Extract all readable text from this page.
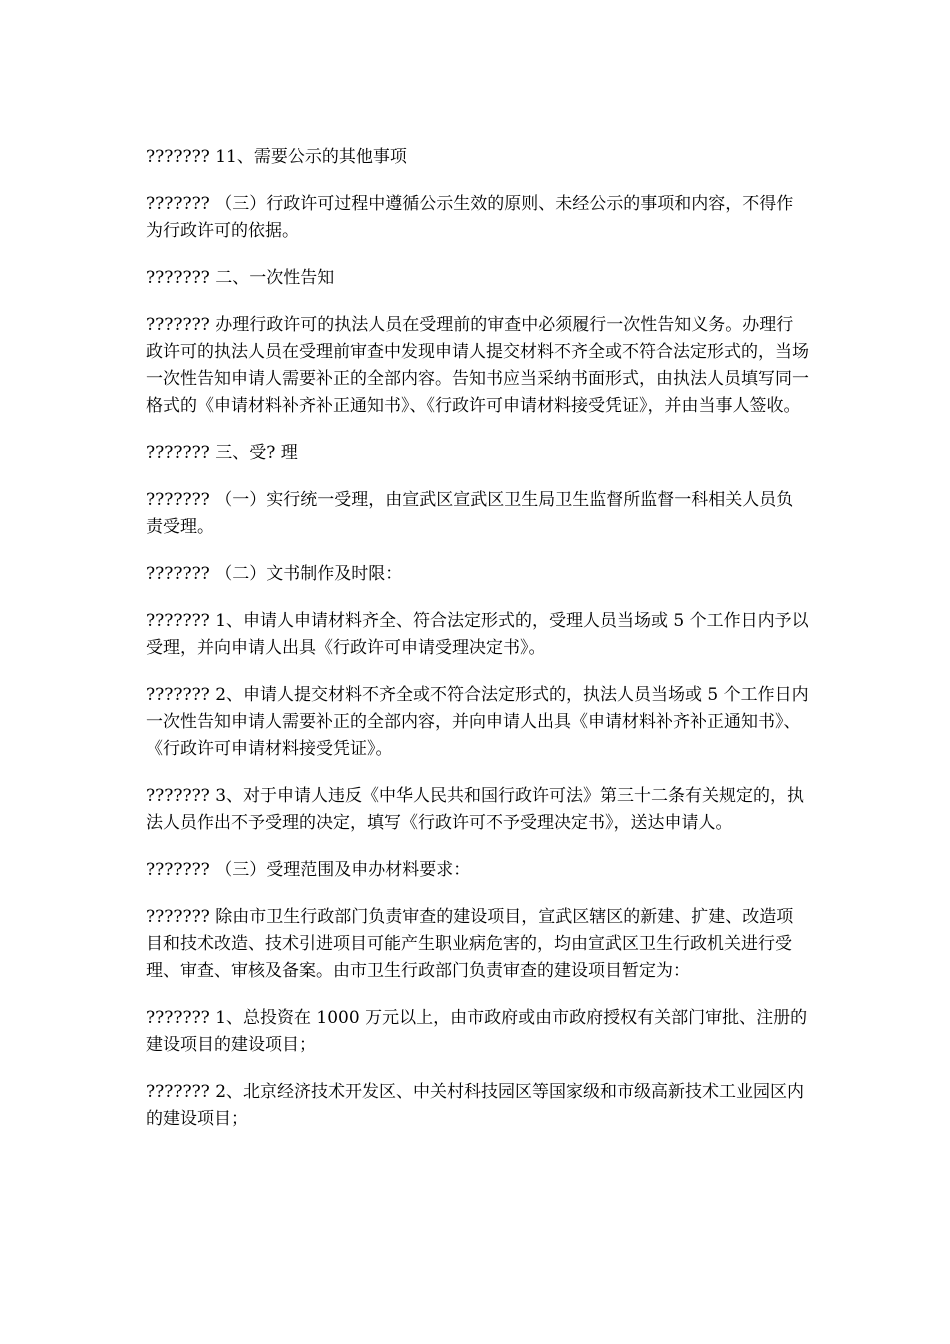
??????? 11、需要公示的其他事项

??????? （三）行政许可过程中遵循公示生效的原则、未经公示的事项和内容，不得作为行政许可的依据。

??????? 二、一次性告知

??????? 办理行政许可的执法人员在受理前的审查中必须履行一次性告知义务。办理行政许可的执法人员在受理前审查中发现申请人提交材料不齐全或不符合法定形式的，当场一次性告知申请人需要补正的全部内容。告知书应当采纳书面形式，由执法人员填写同一格式的《申请材料补齐补正通知书》、《行政许可申请材料接受凭证》，并由当事人签收。

??????? 三、受? 理

??????? （一）实行统一受理，由宣武区宣武区卫生局卫生监督所监督一科相关人员负责受理。

??????? （二）文书制作及时限：

??????? 1、申请人申请材料齐全、符合法定形式的，受理人员当场或 5 个工作日内予以受理，并向申请人出具《行政许可申请受理决定书》。

??????? 2、申请人提交材料不齐全或不符合法定形式的，执法人员当场或 5 个工作日内一次性告知申请人需要补正的全部内容，并向申请人出具《申请材料补齐补正通知书》、《行政许可申请材料接受凭证》。

??????? 3、对于申请人违反《中华人民共和国行政许可法》第三十二条有关规定的，执法人员作出不予受理的决定，填写《行政许可不予受理决定书》，送达申请人。

??????? （三）受理范围及申办材料要求：

??????? 除由市卫生行政部门负责审查的建设项目，宣武区辖区的新建、扩建、改造项目和技术改造、技术引进项目可能产生职业病危害的，均由宣武区卫生行政机关进行受理、审查、审核及备案。由市卫生行政部门负责审查的建设项目暂定为：

??????? 1、总投资在 1000 万元以上，由市政府或由市政府授权有关部门审批、注册的建设项目的建设项目；

??????? 2、北京经济技术开发区、中关村科技园区等国家级和市级高新技术工业园区内的建设项目；
